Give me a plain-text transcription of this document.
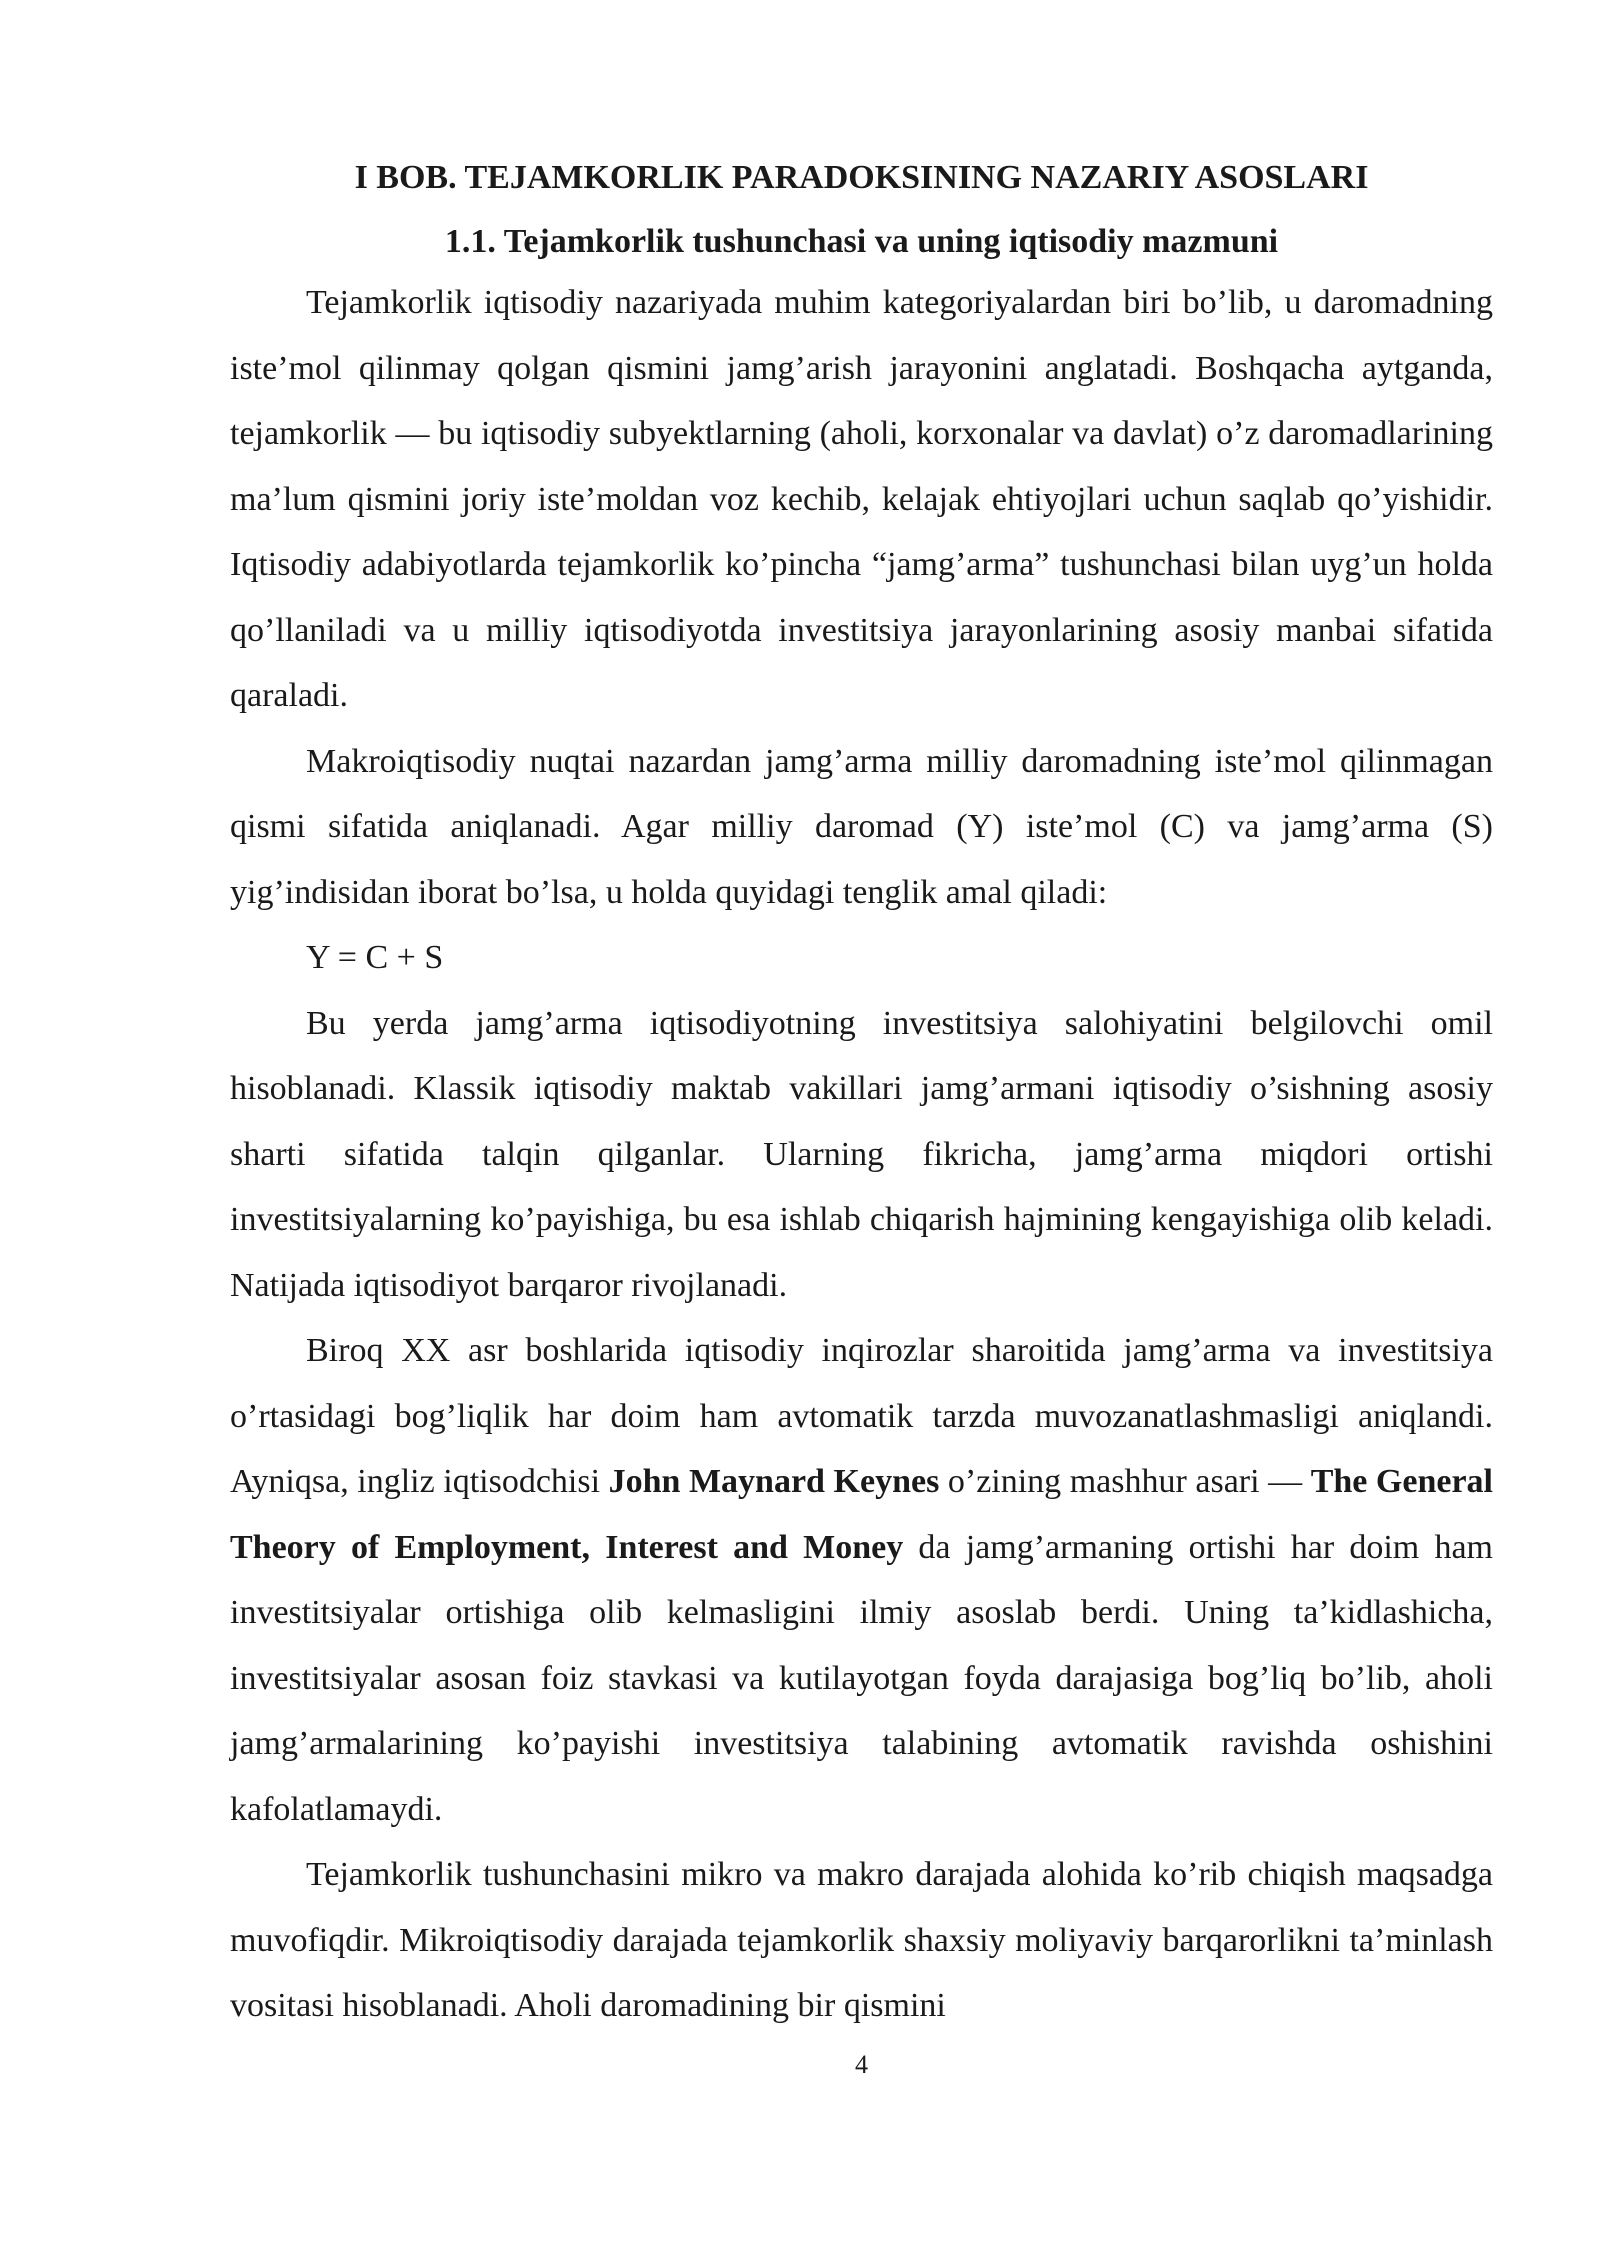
I BOB. TEJAMKORLIK PARADOKSINING NAZARIY ASOSLARI
1.1. Tejamkorlik tushunchasi va uning iqtisodiy mazmuni

Tejamkorlik iqtisodiy nazariyada muhim kategoriyalardan biri bo’lib, u daromadning iste’mol qilinmay qolgan qismini jamg’arish jarayonini anglatadi. Boshqacha aytganda, tejamkorlik — bu iqtisodiy subyektlarning (aholi, korxonalar va davlat) o’z daromadlarining ma’lum qismini joriy iste’moldan voz kechib, kelajak ehtiyojlari uchun saqlab qo’yishidir. Iqtisodiy adabiyotlarda tejamkorlik ko’pincha “jamg’arma” tushunchasi bilan uyg’un holda qo’llaniladi va u milliy iqtisodiyotda investitsiya jarayonlarining asosiy manbai sifatida qaraladi.

Makroiqtisodiy nuqtai nazardan jamg’arma milliy daromadning iste’mol qilinmagan qismi sifatida aniqlanadi. Agar milliy daromad (Y) iste’mol (C) va jamg’arma (S) yig’indisidan iborat bo’lsa, u holda quyidagi tenglik amal qiladi:

Y = C + S

Bu yerda jamg’arma iqtisodiyotning investitsiya salohiyatini belgilovchi omil hisoblanadi. Klassik iqtisodiy maktab vakillari jamg’armani iqtisodiy o’sishning asosiy sharti sifatida talqin qilganlar. Ularning fikricha, jamg’arma miqdori ortishi investitsiyalarning ko’payishiga, bu esa ishlab chiqarish hajmining kengayishiga olib keladi. Natijada iqtisodiyot barqaror rivojlanadi.

Biroq XX asr boshlarida iqtisodiy inqirozlar sharoitida jamg’arma va investitsiya o’rtasidagi bog’liqlik har doim ham avtomatik tarzda muvozanatlashmasligi aniqlandi. Ayniqsa, ingliz iqtisodchisi John Maynard Keynes o’zining mashhur asari — The General Theory of Employment, Interest and Money da jamg’armaning ortishi har doim ham investitsiyalar ortishiga olib kelmasligini ilmiy asoslab berdi. Uning ta’kidlashicha, investitsiyalar asosan foiz stavkasi va kutilayotgan foyda darajasiga bog’liq bo’lib, aholi jamg’armalarining ko’payishi investitsiya talabining avtomatik ravishda oshishini kafolatlamaydi.

Tejamkorlik tushunchasini mikro va makro darajada alohida ko’rib chiqish maqsadga muvofiqdir. Mikroiqtisodiy darajada tejamkorlik shaxsiy moliyaviy barqarorlikni ta’minlash vositasi hisoblanadi. Aholi daromadining bir qismini

4
